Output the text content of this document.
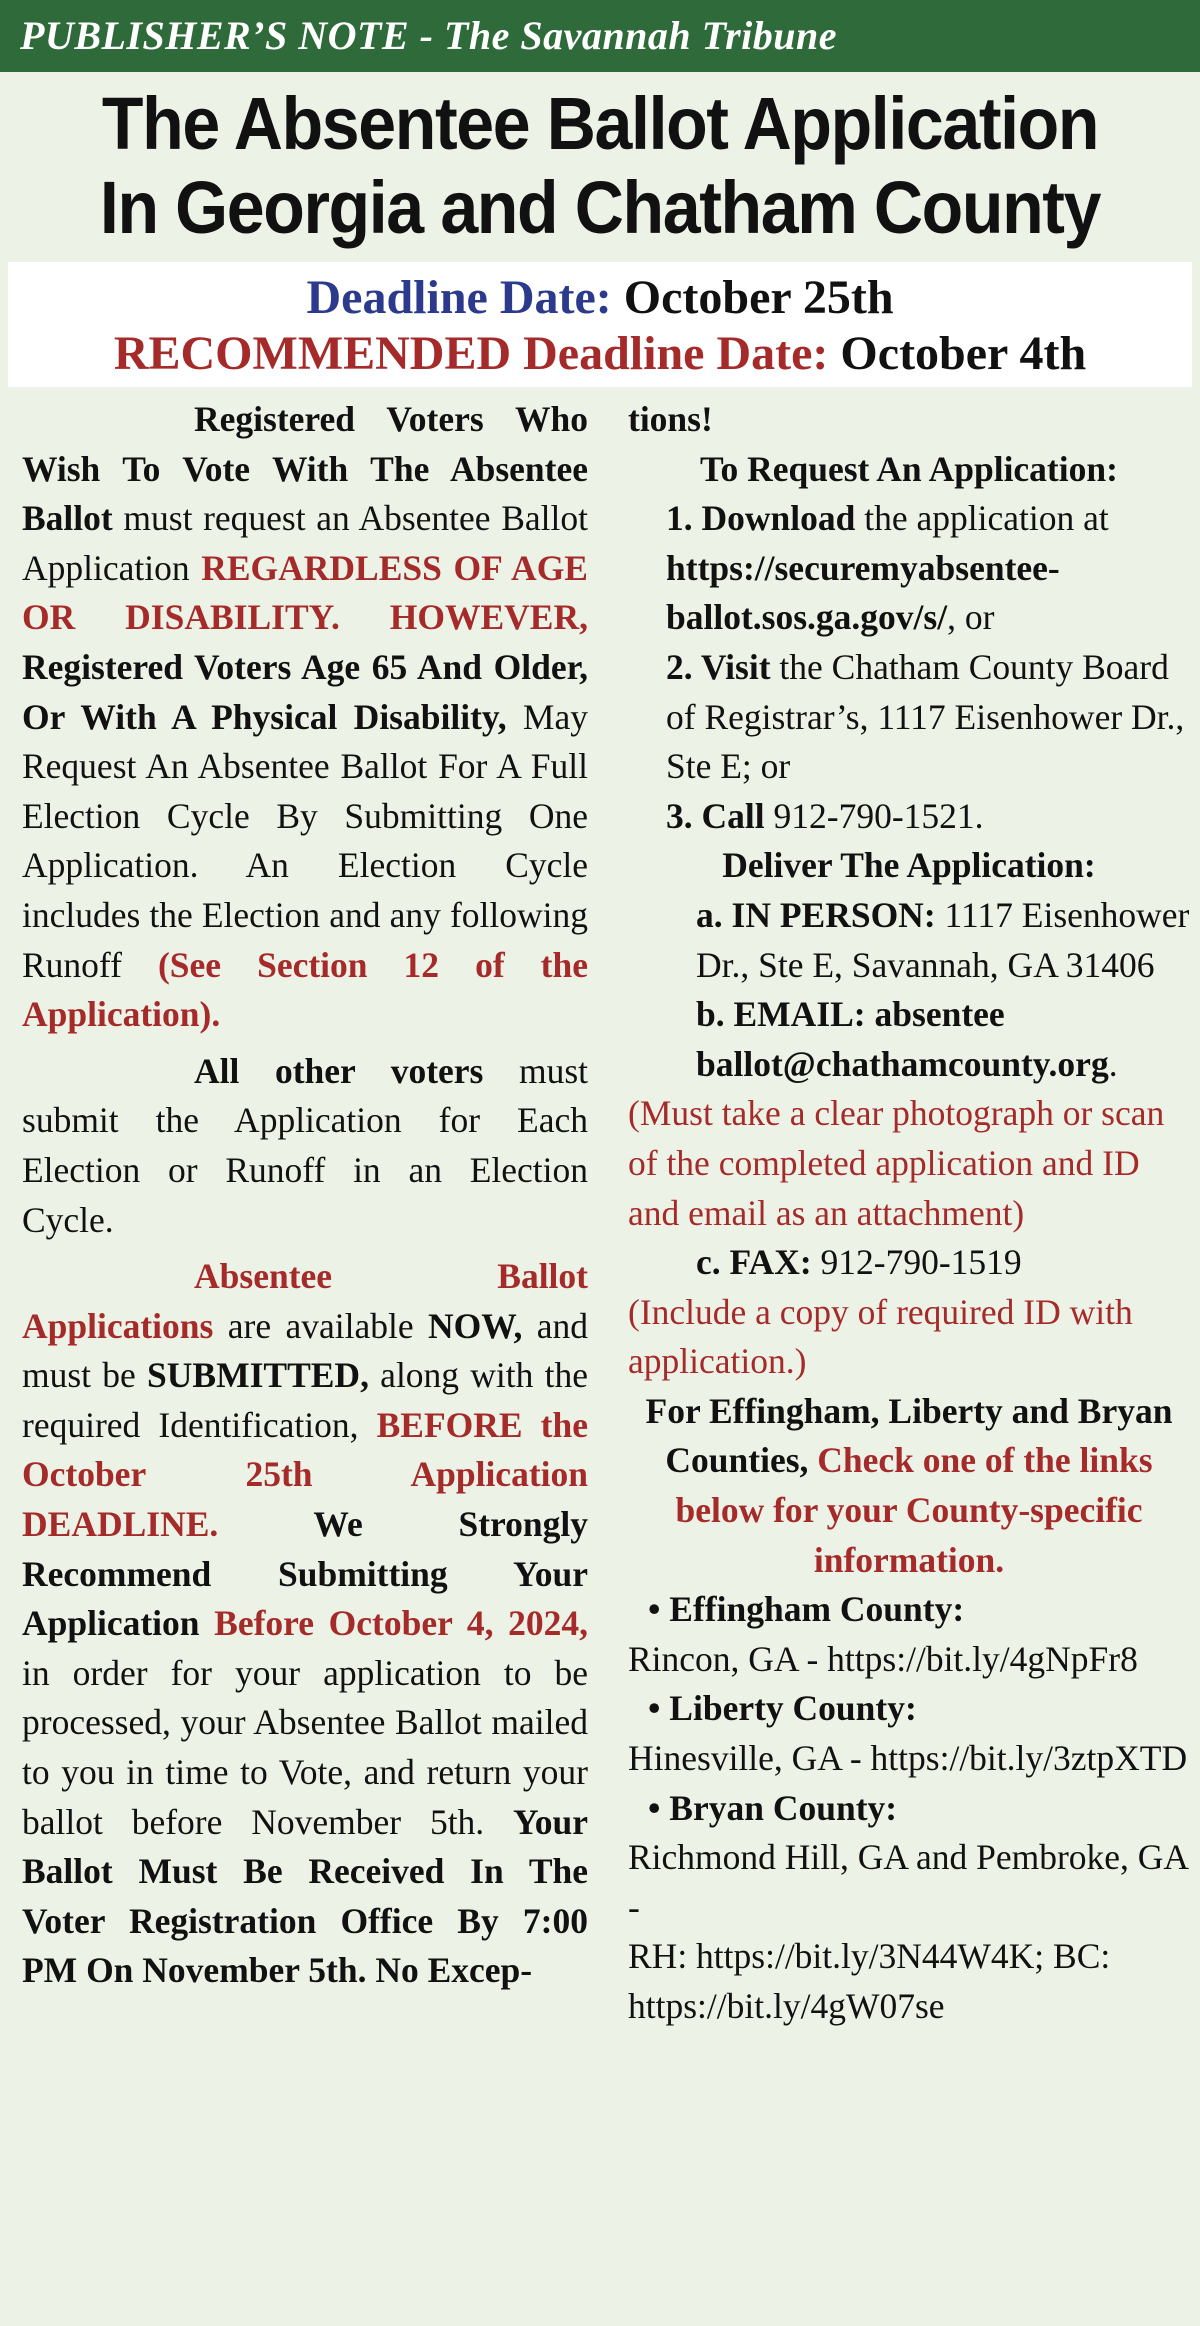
PUBLISHER’S NOTE - The Savannah Tribune
The Absentee Ballot Application
In Georgia and Chatham County
Deadline Date: October 25th
RECOMMENDED Deadline Date: October 4th

Registered Voters Who Wish To Vote With The Absentee Ballot must request an Absentee Ballot Application REGARDLESS OF AGE OR DISABILITY. HOWEVER, Registered Voters Age 65 And Older, Or With A Physical Disability, May Request An Absentee Ballot For A Full Election Cycle By Submitting One Application. An Election Cycle includes the Election and any following Runoff (See Section 12 of the Application).

All other voters must submit the Application for Each Election or Runoff in an Election Cycle.

Absentee Ballot Applications are available NOW, and must be SUBMITTED, along with the required Identification, BEFORE the October 25th Application DEADLINE. We Strongly Recommend Submitting Your Application Before October 4, 2024, in order for your application to be processed, your Absentee Ballot mailed to you in time to Vote, and return your ballot before November 5th. Your Ballot Must Be Received In The Voter Registration Office By 7:00 PM On November 5th. No Excep-

tions!

To Request An Application:

1. Download the application at https://securemyabsentee-ballot.sos.ga.gov/s/, or

2. Visit the Chatham County Board of Registrar’s, 1117 Eisenhower Dr., Ste E; or

3. Call 912-790-1521.

Deliver The Application:

a. IN PERSON: 1117 Eisenhower Dr., Ste E, Savannah, GA 31406

b. EMAIL: absentee ballot@chathamcounty.org.

(Must take a clear photograph or scan of the completed application and ID and email as an attachment)

c. FAX: 912-790-1519

(Include a copy of required ID with application.)

For Effingham, Liberty and Bryan Counties, Check one of the links below for your County-specific information.

• Effingham County:

Rincon, GA - https://bit.ly/4gNpFr8

• Liberty County:

Hinesville, GA - https://bit.ly/3ztpXTD

• Bryan County:

Richmond Hill, GA and Pembroke, GA -

RH: https://bit.ly/3N44W4K; BC: https://bit.ly/4gW07se
